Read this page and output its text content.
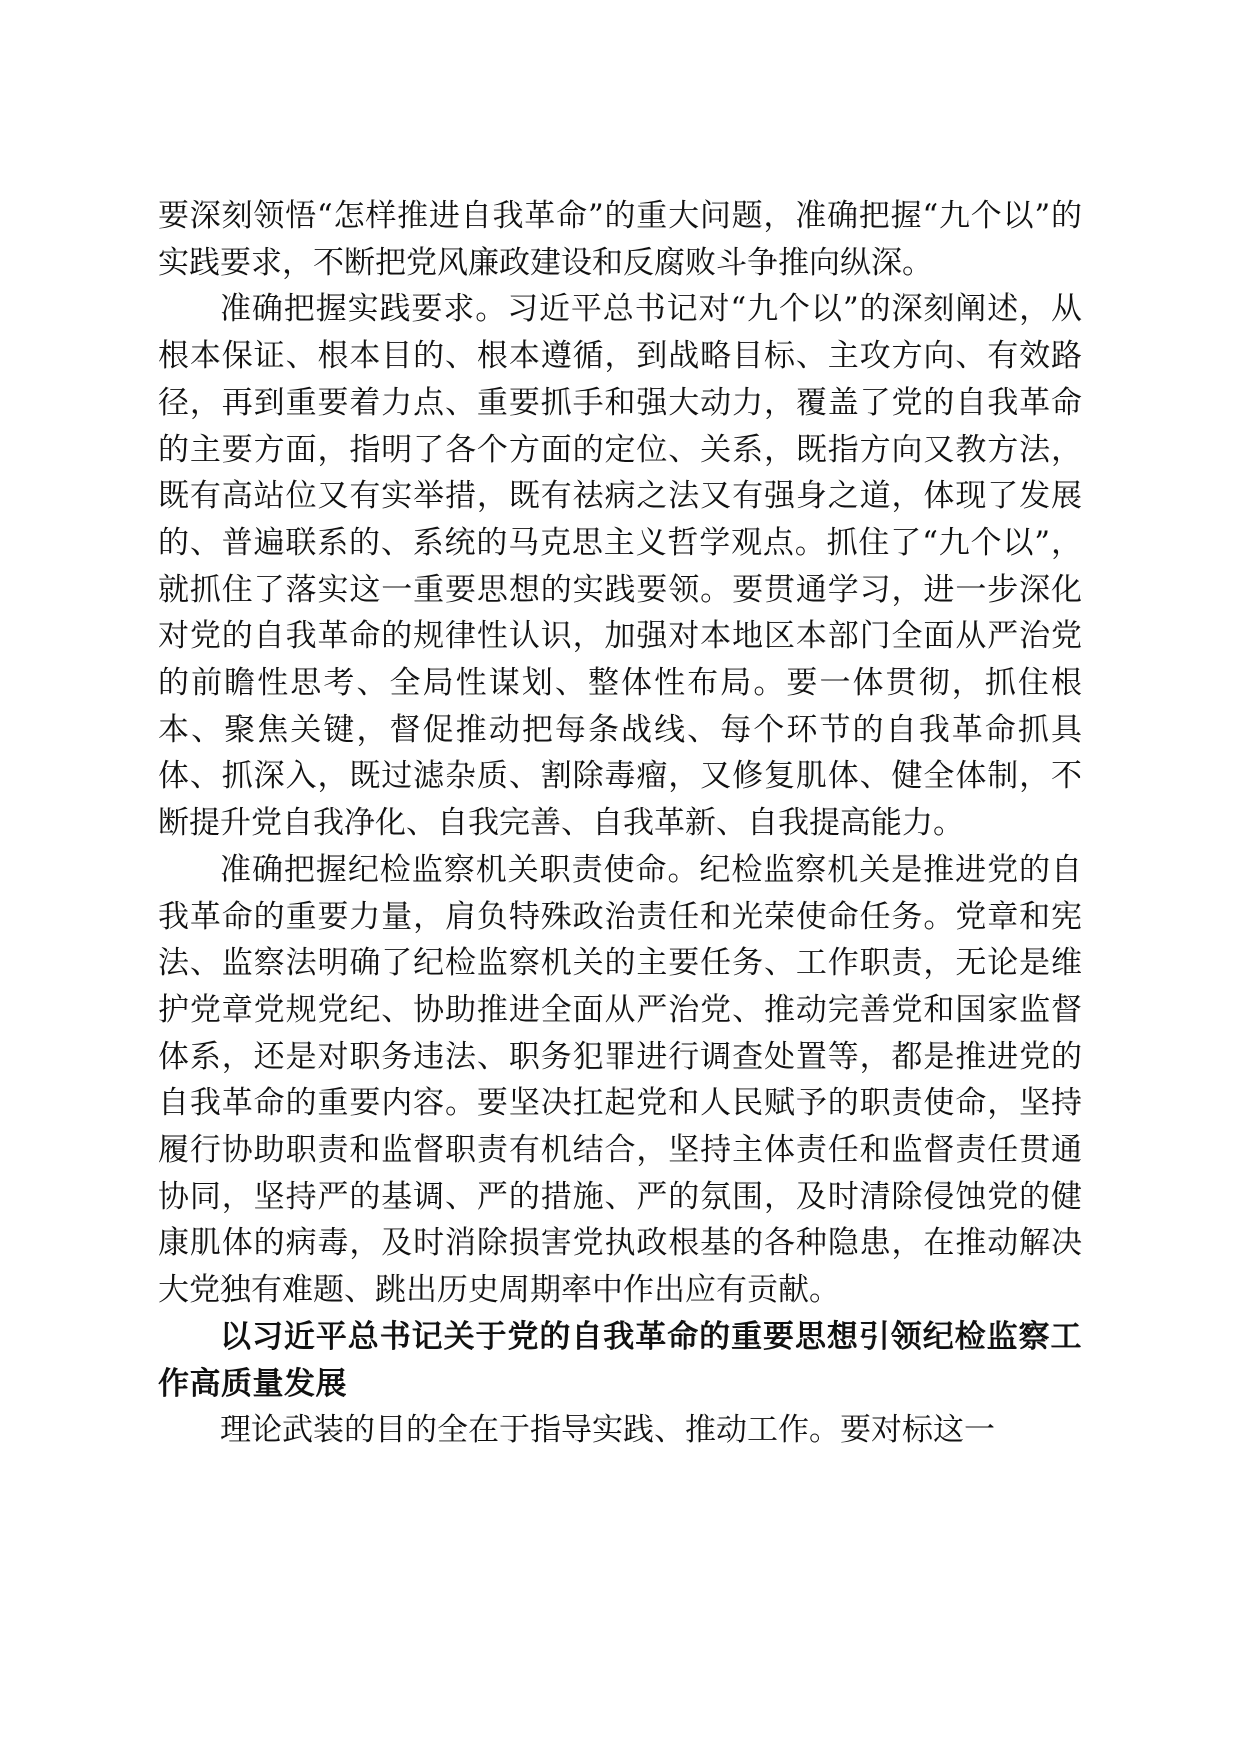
要深刻领悟“怎样推进自我革命”的重大问题，准确把握“九个以”的实践要求，不断把党风廉政建设和反腐败斗争推向纵深。

准确把握实践要求。习近平总书记对“九个以”的深刻阐述，从根本保证、根本目的、根本遵循，到战略目标、主攻方向、有效路径，再到重要着力点、重要抓手和强大动力，覆盖了党的自我革命的主要方面，指明了各个方面的定位、关系，既指方向又教方法，既有高站位又有实举措，既有祛病之法又有强身之道，体现了发展的、普遍联系的、系统的马克思主义哲学观点。抓住了“九个以”，就抓住了落实这一重要思想的实践要领。要贯通学习，进一步深化对党的自我革命的规律性认识，加强对本地区本部门全面从严治党的前瞻性思考、全局性谋划、整体性布局。要一体贯彻，抓住根本、聚焦关键，督促推动把每条战线、每个环节的自我革命抓具体、抓深入，既过滤杂质、割除毒瘤，又修复肌体、健全体制，不断提升党自我净化、自我完善、自我革新、自我提高能力。

准确把握纪检监察机关职责使命。纪检监察机关是推进党的自我革命的重要力量，肩负特殊政治责任和光荣使命任务。党章和宪法、监察法明确了纪检监察机关的主要任务、工作职责，无论是维护党章党规党纪、协助推进全面从严治党、推动完善党和国家监督体系，还是对职务违法、职务犯罪进行调查处置等，都是推进党的自我革命的重要内容。要坚决扛起党和人民赋予的职责使命，坚持履行协助职责和监督职责有机结合，坚持主体责任和监督责任贯通协同，坚持严的基调、严的措施、严的氛围，及时清除侵蚀党的健康肌体的病毒，及时消除损害党执政根基的各种隐患，在推动解决大党独有难题、跳出历史周期率中作出应有贡献。

以习近平总书记关于党的自我革命的重要思想引领纪检监察工作高质量发展

理论武装的目的全在于指导实践、推动工作。要对标这一
